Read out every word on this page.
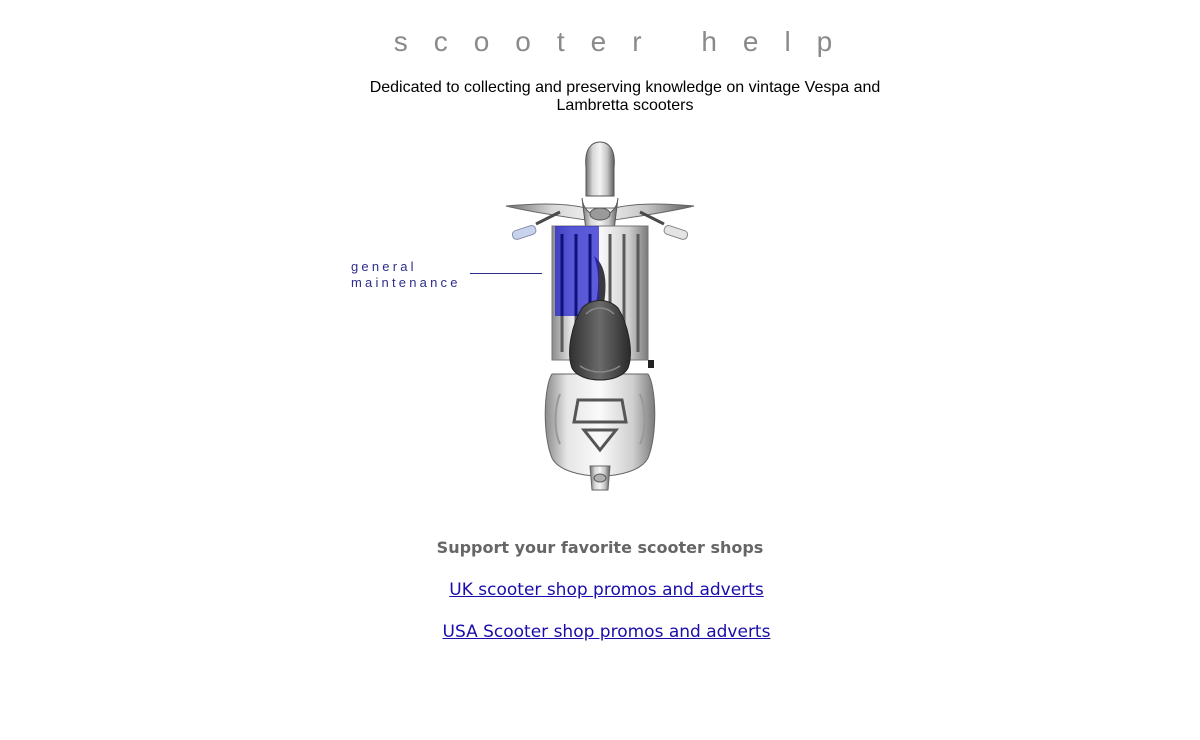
scooter help
Dedicated to collecting and preserving knowledge on vintage Vespa and Lambretta scooters
general
maintenance
Support your favorite scooter shops
UK scooter shop promos and adverts
USA Scooter shop promos and adverts
